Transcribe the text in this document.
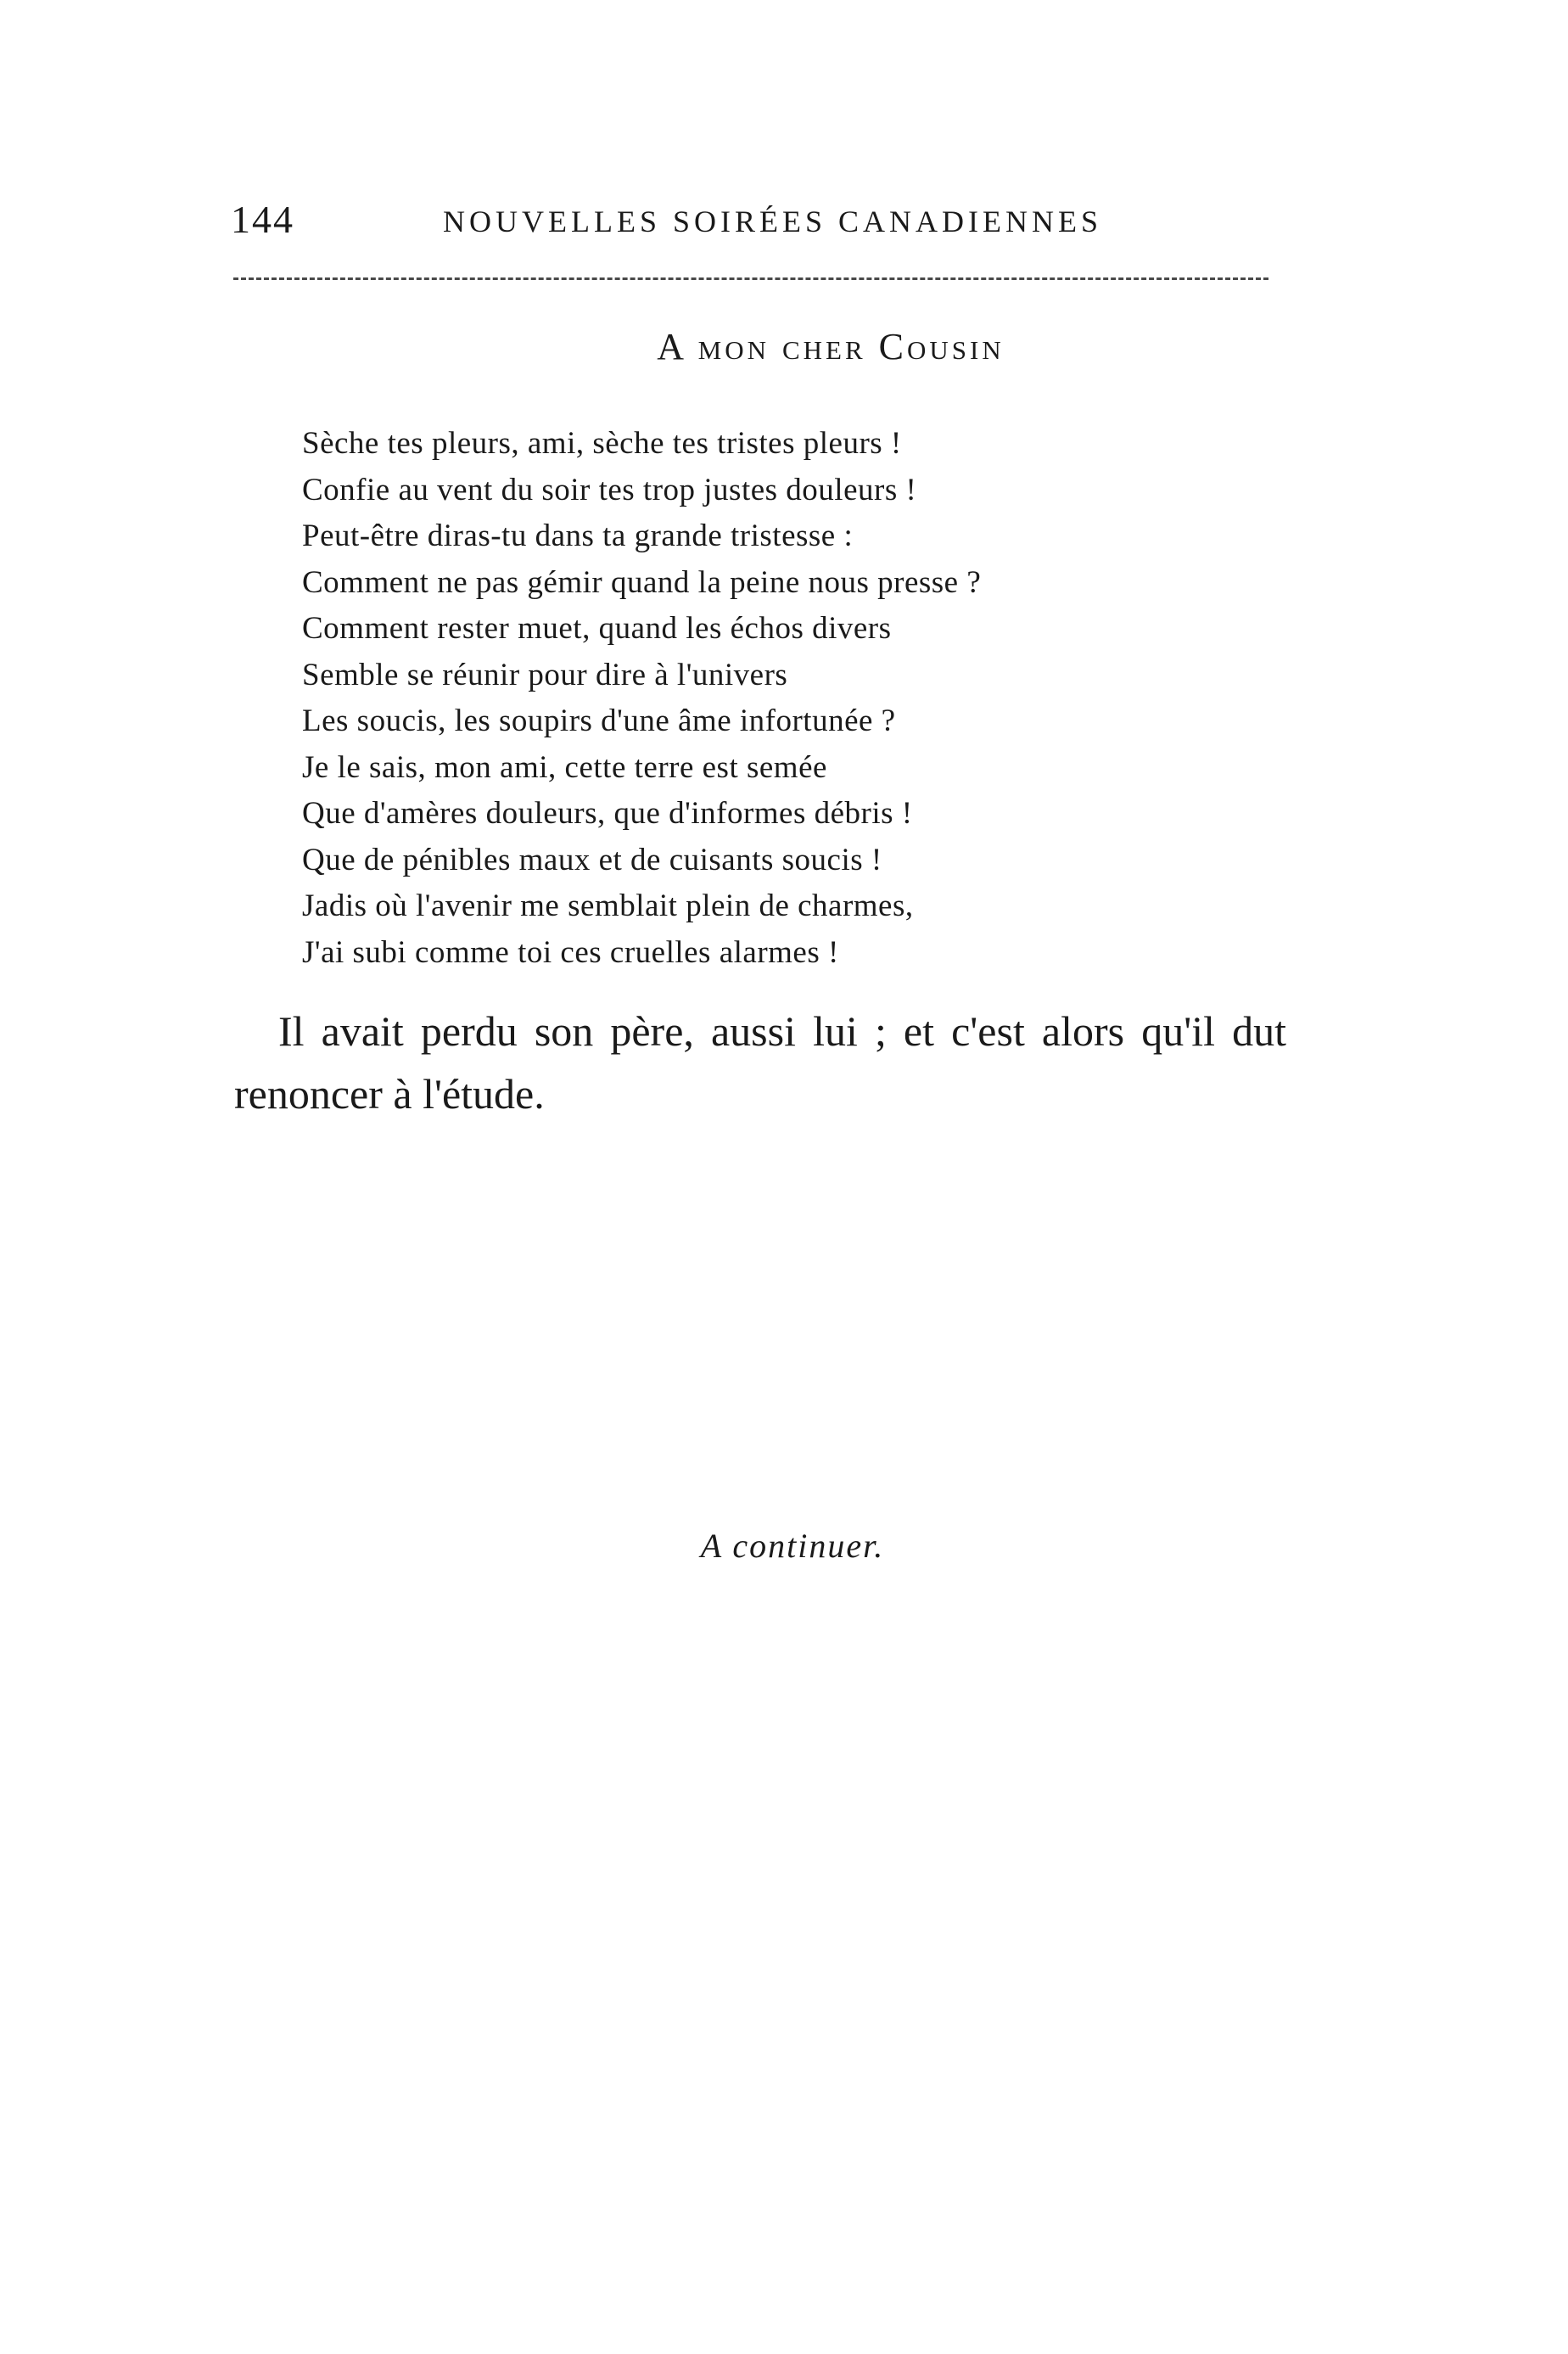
144	NOUVELLES SOIRÉES CANADIENNES
A mon cher Cousin
Sèche tes pleurs, ami, sèche tes tristes pleurs !
Confie au vent du soir tes trop justes douleurs !
Peut-être diras-tu dans ta grande tristesse :
Comment ne pas gémir quand la peine nous presse ?
Comment rester muet, quand les échos divers
Semble se réunir pour dire à l'univers
Les soucis, les soupirs d'une âme infortunée ?
Je le sais, mon ami, cette terre est semée
Que d'amères douleurs, que d'informes débris !
Que de pénibles maux et de cuisants soucis !
Jadis où l'avenir me semblait plein de charmes,
J'ai subi comme toi ces cruelles alarmes !

Il avait perdu son père, aussi lui ; et c'est alors qu'il dut renoncer à l'étude.

A continuer.
